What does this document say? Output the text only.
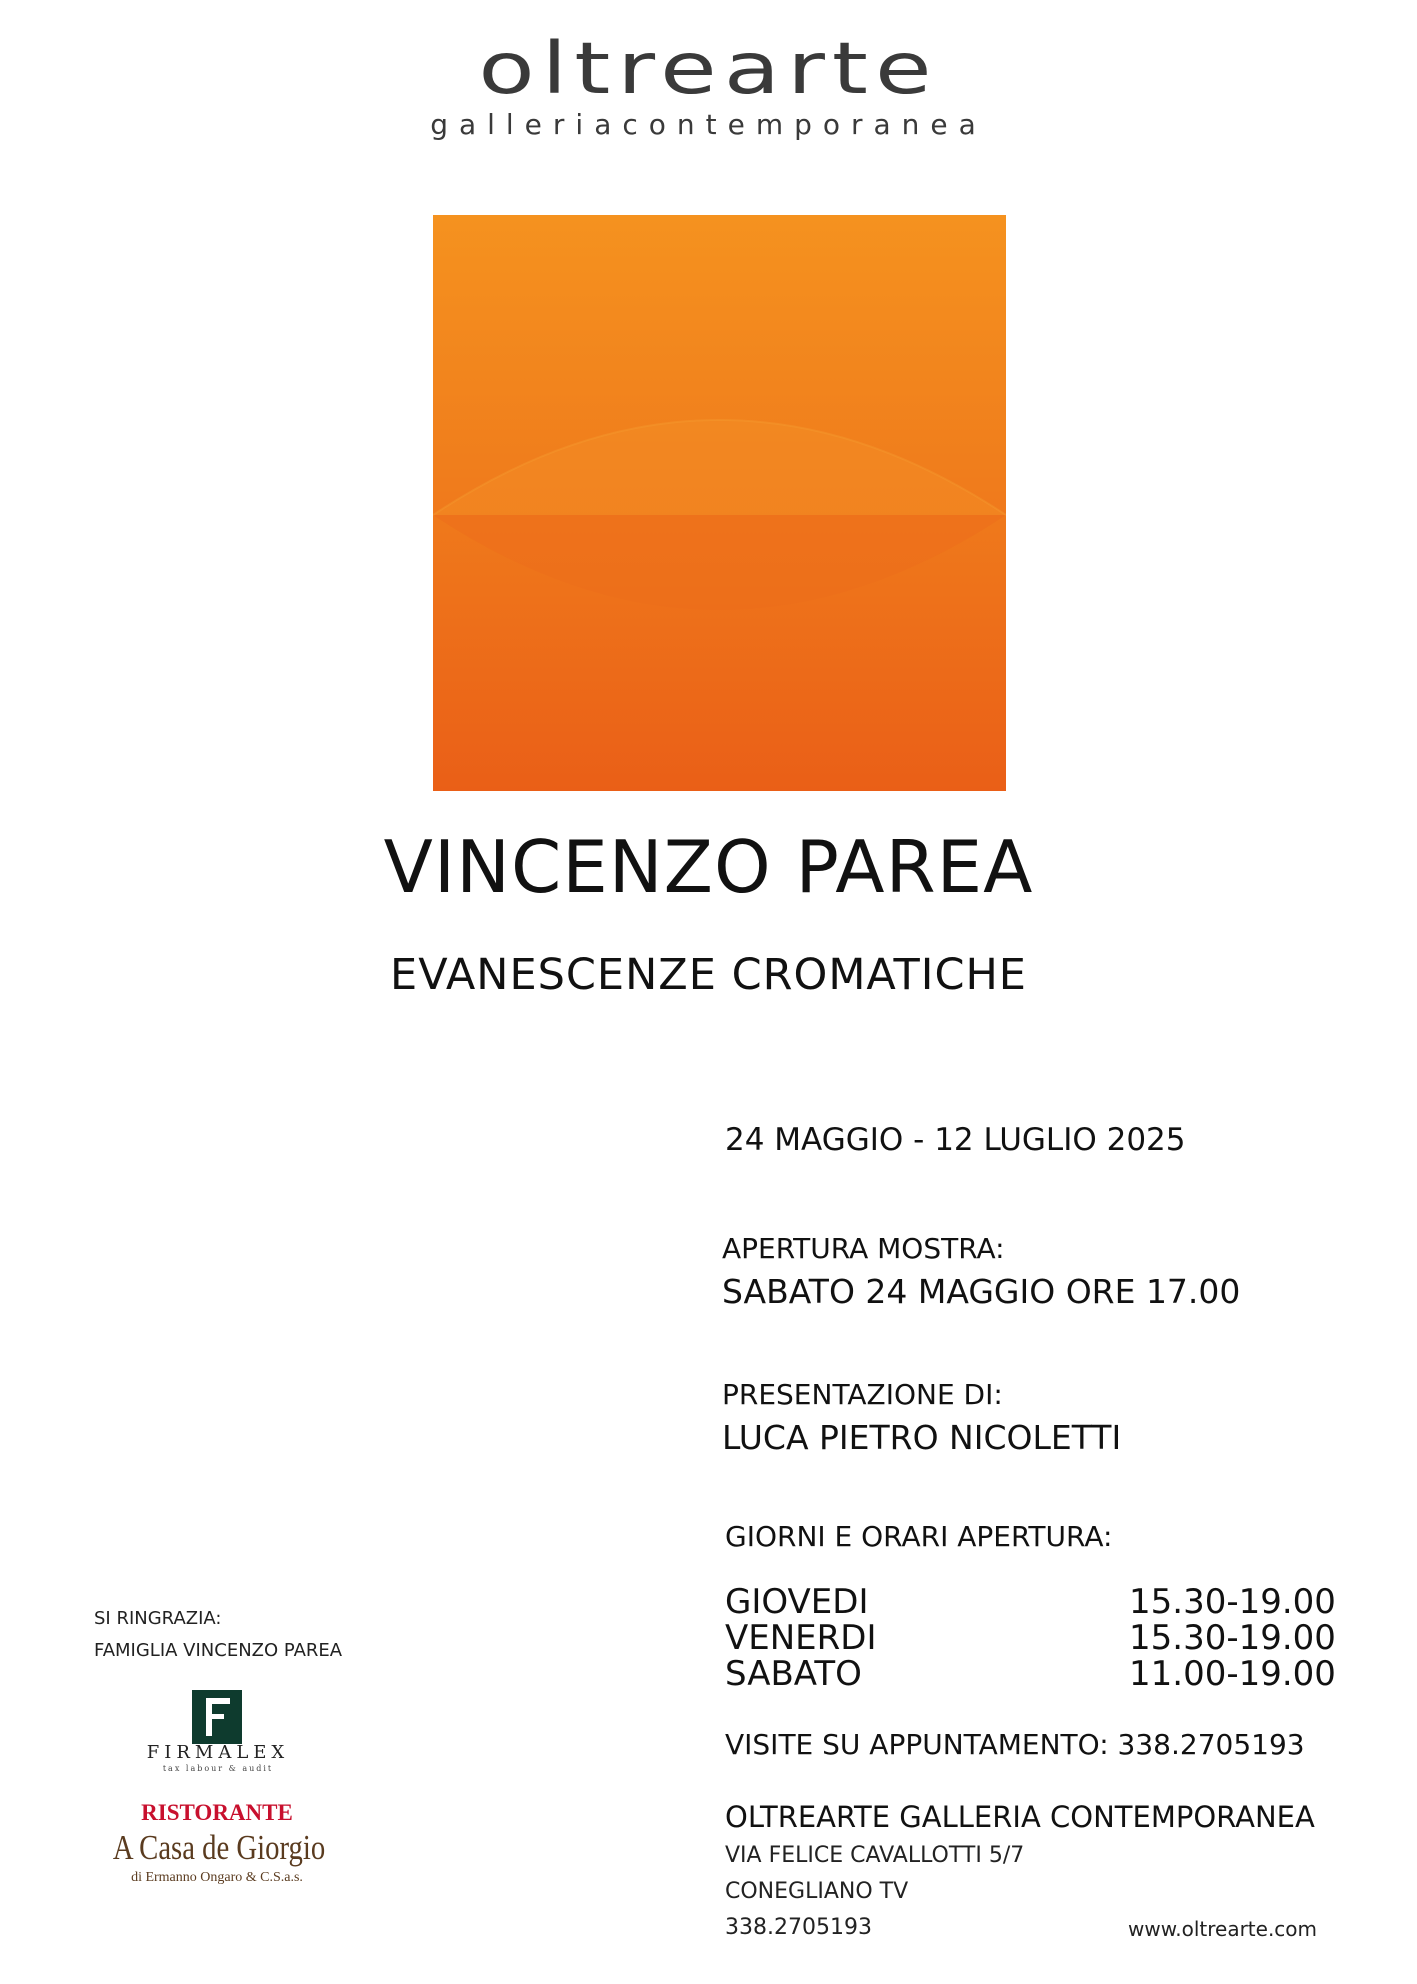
oltrearte
galleriacontemporanea
VINCENZO PAREA
EVANESCENZE CROMATICHE
24 MAGGIO - 12 LUGLIO 2025
APERTURA MOSTRA:
SABATO 24 MAGGIO ORE 17.00
PRESENTAZIONE DI:
LUCA PIETRO NICOLETTI
GIORNI E ORARI APERTURA:
GIOVEDI	15.30-19.00
VENERDI	15.30-19.00
SABATO	11.00-19.00
VISITE SU APPUNTAMENTO: 338.2705193
OLTREARTE GALLERIA CONTEMPORANEA
VIA FELICE CAVALLOTTI 5/7
CONEGLIANO TV
338.2705193	www.oltrearte.com
SI RINGRAZIA:
FAMIGLIA VINCENZO PAREA
FIRMALEX
tax labour & audit
RISTORANTE
A Casa de Giorgio
di Ermanno Ongaro & C.S.a.s.
